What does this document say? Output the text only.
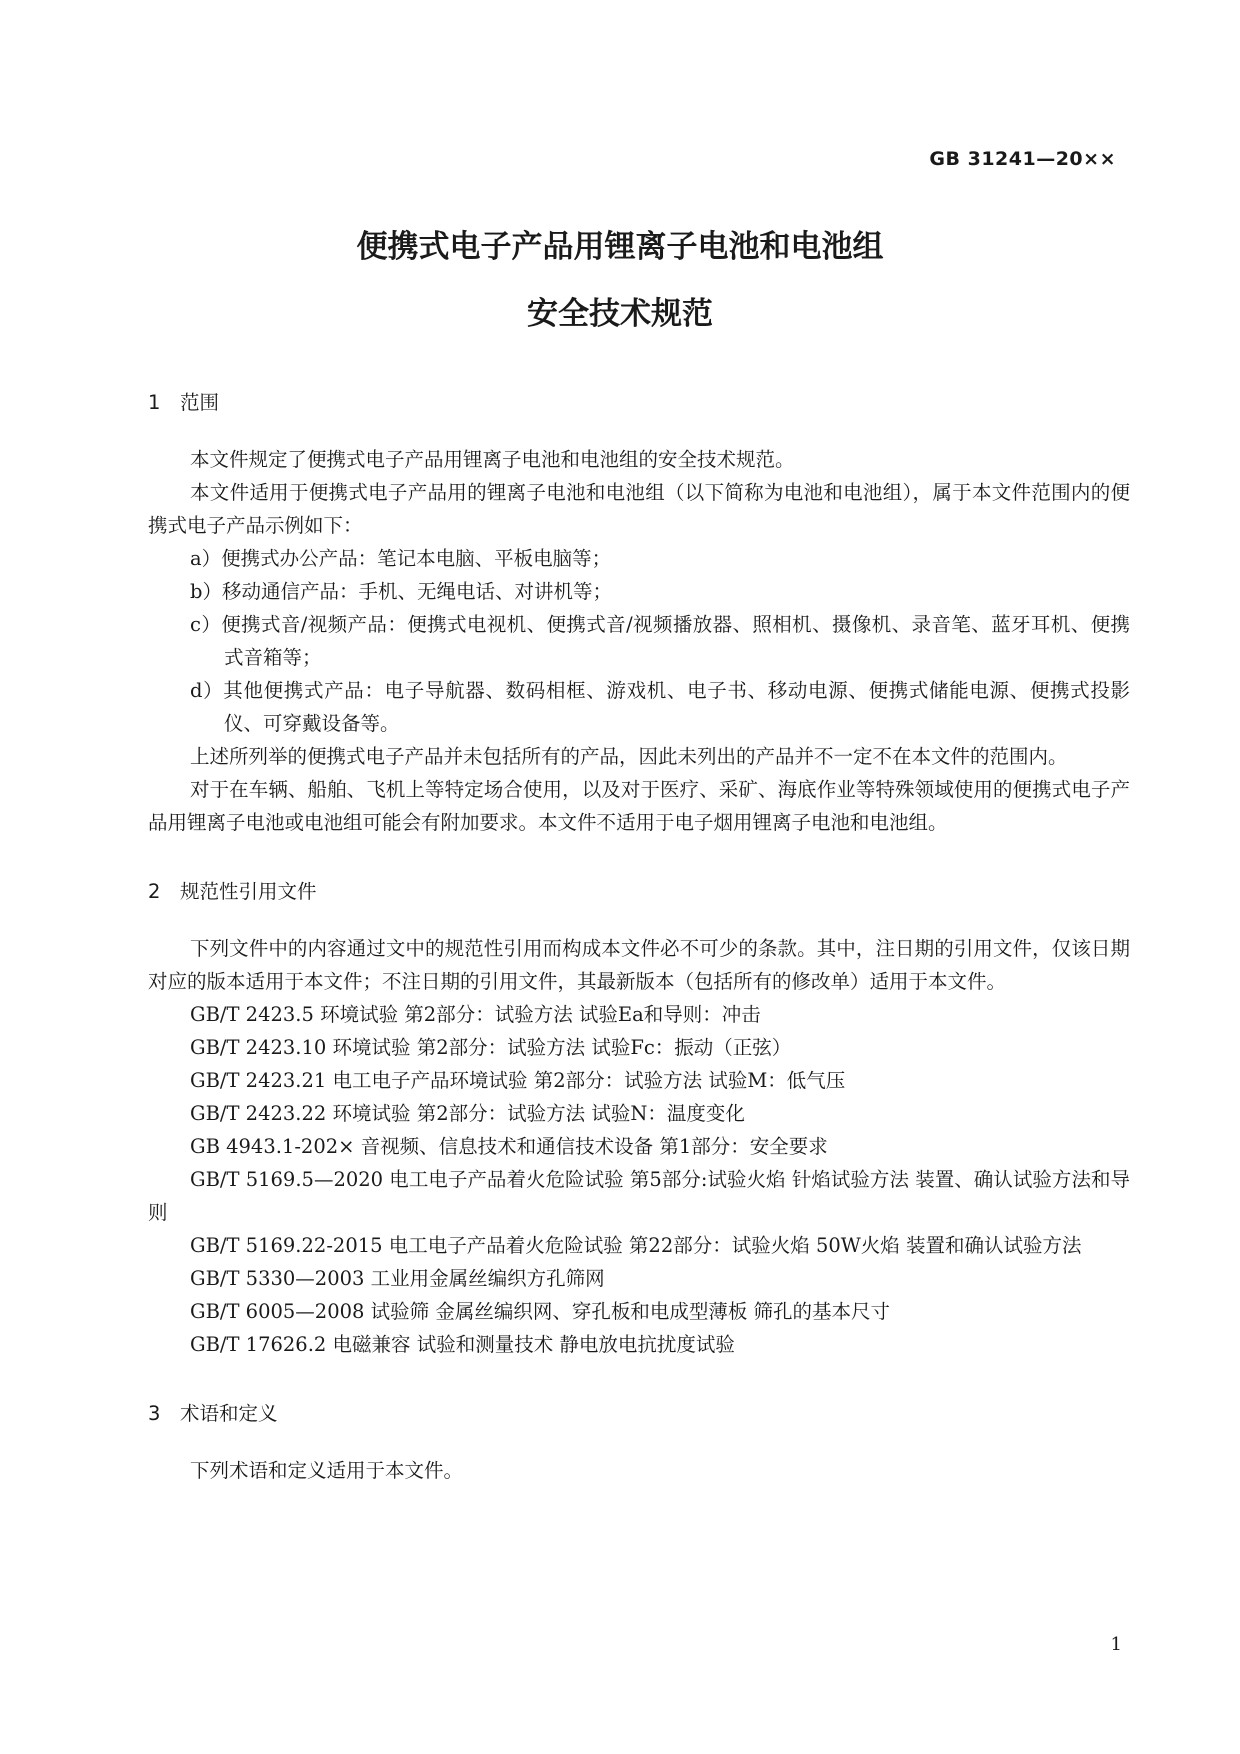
GB 31241—20××
便携式电子产品用锂离子电池和电池组
安全技术规范
1 范围

本文件规定了便携式电子产品用锂离子电池和电池组的安全技术规范。

本文件适用于便携式电子产品用的锂离子电池和电池组（以下简称为电池和电池组），属于本文件范围内的便携式电子产品示例如下：

a）便携式办公产品：笔记本电脑、平板电脑等；

b）移动通信产品：手机、无绳电话、对讲机等；

c）便携式音/视频产品：便携式电视机、便携式音/视频播放器、照相机、摄像机、录音笔、蓝牙耳机、便携式音箱等；

d）其他便携式产品：电子导航器、数码相框、游戏机、电子书、移动电源、便携式储能电源、便携式投影仪、可穿戴设备等。

上述所列举的便携式电子产品并未包括所有的产品，因此未列出的产品并不一定不在本文件的范围内。

对于在车辆、船舶、飞机上等特定场合使用，以及对于医疗、采矿、海底作业等特殊领域使用的便携式电子产品用锂离子电池或电池组可能会有附加要求。本文件不适用于电子烟用锂离子电池和电池组。

2 规范性引用文件

下列文件中的内容通过文中的规范性引用而构成本文件必不可少的条款。其中，注日期的引用文件，仅该日期对应的版本适用于本文件；不注日期的引用文件，其最新版本（包括所有的修改单）适用于本文件。

GB/T 2423.5 环境试验 第2部分：试验方法 试验Ea和导则：冲击

GB/T 2423.10 环境试验 第2部分：试验方法 试验Fc：振动（正弦）

GB/T 2423.21 电工电子产品环境试验 第2部分：试验方法 试验M：低气压

GB/T 2423.22 环境试验 第2部分：试验方法 试验N：温度变化

GB 4943.1-202× 音视频、信息技术和通信技术设备 第1部分：安全要求

GB/T 5169.5—2020 电工电子产品着火危险试验 第5部分:试验火焰 针焰试验方法 装置、确认试验方法和导则

GB/T 5169.22-2015 电工电子产品着火危险试验 第22部分：试验火焰 50W火焰 装置和确认试验方法

GB/T 5330—2003 工业用金属丝编织方孔筛网

GB/T 6005—2008 试验筛 金属丝编织网、穿孔板和电成型薄板 筛孔的基本尺寸

GB/T 17626.2 电磁兼容 试验和测量技术 静电放电抗扰度试验

3 术语和定义

下列术语和定义适用于本文件。

1
